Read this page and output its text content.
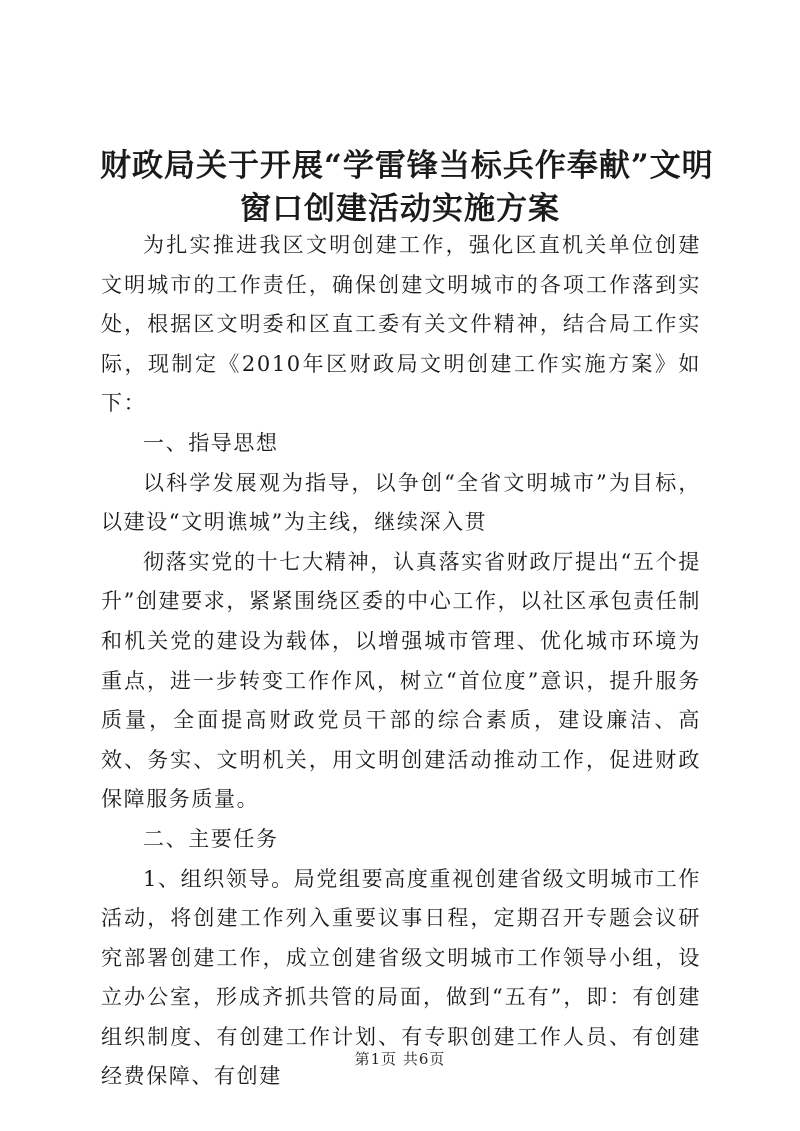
财政局关于开展“学雷锋当标兵作奉献”文明
窗口创建活动实施方案

为扎实推进我区文明创建工作，强化区直机关单位创建文明城市的工作责任，确保创建文明城市的各项工作落到实处，根据区文明委和区直工委有关文件精神，结合局工作实际，现制定《2010年区财政局文明创建工作实施方案》如下：

一、指导思想

以科学发展观为指导，以争创“全省文明城市”为目标，以建设“文明谯城”为主线，继续深入贯

彻落实党的十七大精神，认真落实省财政厅提出“五个提升”创建要求，紧紧围绕区委的中心工作，以社区承包责任制和机关党的建设为载体，以增强城市管理、优化城市环境为重点，进一步转变工作作风，树立“首位度”意识，提升服务质量，全面提高财政党员干部的综合素质，建设廉洁、高效、务实、文明机关，用文明创建活动推动工作，促进财政保障服务质量。

二、主要任务

1、组织领导。局党组要高度重视创建省级文明城市工作活动，将创建工作列入重要议事日程，定期召开专题会议研究部署创建工作，成立创建省级文明城市工作领导小组，设立办公室，形成齐抓共管的局面，做到“五有”，即：有创建组织制度、有创建工作计划、有专职创建工作人员、有创建经费保障、有创建

第1页 共6页
